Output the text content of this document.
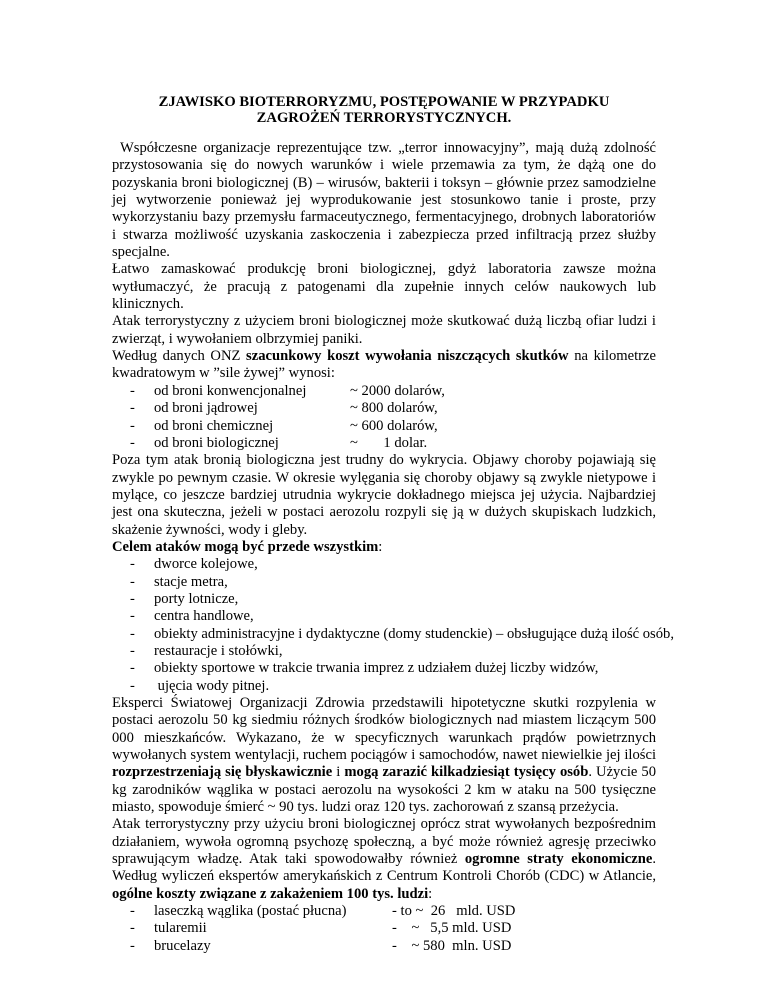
ZJAWISKO BIOTERRORYZMU, POSTĘPOWANIE W PRZYPADKU
ZAGROŻEŃ TERRORYSTYCZNYCH.

Współczesne organizacje reprezentujące tzw. „terror innowacyjny”, mają dużą zdolność przystosowania się do nowych warunków i wiele przemawia za tym, że dążą one do pozyskania broni biologicznej (B) – wirusów, bakterii i toksyn – głównie przez samodzielne jej wytworzenie ponieważ jej wyprodukowanie jest stosunkowo tanie i proste, przy wykorzystaniu bazy przemysłu farmaceutycznego, fermentacyjnego, drobnych laboratoriów i stwarza możliwość uzyskania zaskoczenia i zabezpiecza przed infiltracją przez służby specjalne.

Łatwo zamaskować produkcję broni biologicznej, gdyż laboratoria zawsze można wytłumaczyć, że pracują z patogenami dla zupełnie innych celów naukowych lub klinicznych.

Atak terrorystyczny z użyciem broni biologicznej może skutkować dużą liczbą ofiar ludzi i zwierząt, i wywołaniem olbrzymiej paniki.

Według danych ONZ szacunkowy koszt wywołania niszczących skutków na kilometrze kwadratowym w ”sile żywej” wynosi:

- od broni konwencjonalnej	~ 2000 dolarów,
- od broni jądrowej	~ 800 dolarów,
- od broni chemicznej	~ 600 dolarów,
- od broni biologicznej	~       1 dolar.

Poza tym atak bronią biologiczna jest trudny do wykrycia. Objawy choroby pojawiają się zwykle po pewnym czasie. W okresie wylęgania się choroby objawy są zwykle nietypowe i mylące, co jeszcze bardziej utrudnia wykrycie dokładnego miejsca jej użycia. Najbardziej jest ona skuteczna, jeżeli w postaci aerozolu rozpyli się ją w dużych skupiskach ludzkich, skażenie żywności, wody i gleby.

Celem ataków mogą być przede wszystkim:

- dworce kolejowe,
- stacje metra,
- porty lotnicze,
- centra handlowe,
- obiekty administracyjne i dydaktyczne (domy studenckie) – obsługujące dużą ilość osób,
- restauracje i stołówki,
- obiekty sportowe w trakcie trwania imprez z udziałem dużej liczby widzów,
- ujęcia wody pitnej.

Eksperci Światowej Organizacji Zdrowia przedstawili hipotetyczne skutki rozpylenia w postaci aerozolu 50 kg siedmiu różnych środków biologicznych nad miastem liczącym 500 000 mieszkańców. Wykazano, że w specyficznych warunkach prądów powietrznych wywołanych system wentylacji, ruchem pociągów i samochodów, nawet niewielkie jej ilości rozprzestrzeniają się błyskawicznie i mogą zarazić kilkadziesiąt tysięcy osób. Użycie 50 kg zarodników wąglika w postaci aerozolu na wysokości 2 km w ataku na 500 tysięczne miasto, spowoduje śmierć ~ 90 tys. ludzi oraz 120 tys. zachorowań z szansą przeżycia.

Atak terrorystyczny przy użyciu broni biologicznej oprócz strat wywołanych bezpośrednim działaniem, wywoła ogromną psychozę społeczną, a być może również agresję przeciwko sprawującym władzę. Atak taki spowodowałby również ogromne straty ekonomiczne. Według wyliczeń ekspertów amerykańskich z Centrum Kontroli Chorób (CDC) w Atlancie, ogólne koszty związane z zakażeniem 100 tys. ludzi:

- laseczką wąglika (postać płucna)	- to ~  26   mld. USD
- tularemii	-    ~   5,5 mld. USD
- brucelazy	-    ~ 580  mln. USD
